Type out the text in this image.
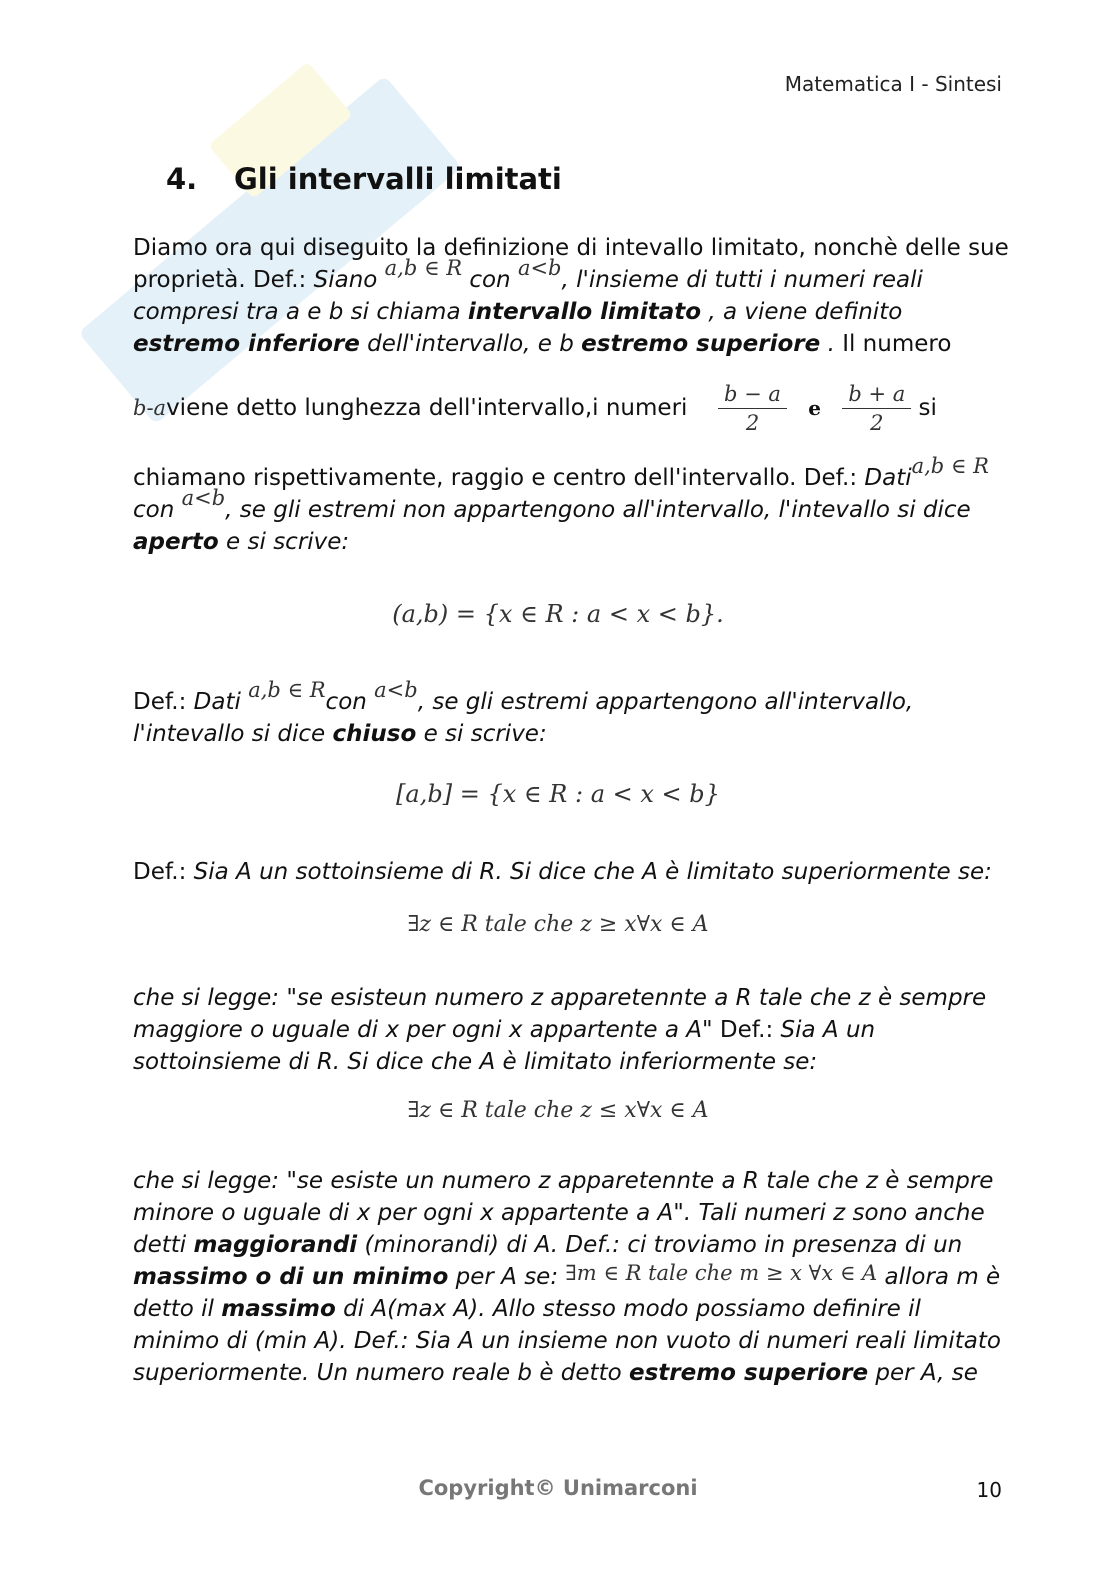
Matematica I - Sintesi
4. Gli intervalli limitati
Diamo ora qui diseguito la definizione di intevallo limitato, nonchè delle sue proprietà. Def.: Siano a,b ∈ R con a<b, l'insieme di tutti i numeri reali compresi tra a e b si chiama intervallo limitato , a viene definito estremo inferiore dell'intervallo, e b estremo superiore . Il numero
b-aviene detto lunghezza dell'intervallo,i numeri $\frac{b - a}{2}$ e $\frac{b + a}{2}$ si
chiamano rispettivamente, raggio e centro dell'intervallo. Def.: Datia,b ∈ R
con a<b, se gli estremi non appartengono all'intervallo, l'intevallo si dice aperto e si scrive:
(a,b) = {x ∈ R : a < x < b}.
Def.: Dati a,b ∈ Rcon a<b, se gli estremi appartengono all'intervallo, l'intevallo si dice chiuso e si scrive:
[a,b] = {x ∈ R : a < x < b}
Def.: Sia A un sottoinsieme di R. Si dice che A è limitato superiormente se:
∃z ∈ R tale che z ≥ x∀x ∈ A
che si legge: "se esisteun numero z apparetennte a R tale che z è sempre maggiore o uguale di x per ogni x appartente a A" Def.: Sia A un sottoinsieme di R. Si dice che A è limitato inferiormente se:
∃z ∈ R tale che z ≤ x∀x ∈ A
che si legge: "se esiste un numero z apparetennte a R tale che z è sempre minore o uguale di x per ogni x appartente a A". Tali numeri z sono anche detti maggiorandi (minorandi) di A. Def.: ci troviamo in presenza di un massimo o di un minimo per A se: ∃m ∈ R tale che m ≥ x ∀x ∈ A allora m è detto il massimo di A(max A). Allo stesso modo possiamo definire il minimo di (min A). Def.: Sia A un insieme non vuoto di numeri reali limitato superiormente. Un numero reale b è detto estremo superiore per A, se
Copyright© Unimarconi	10
